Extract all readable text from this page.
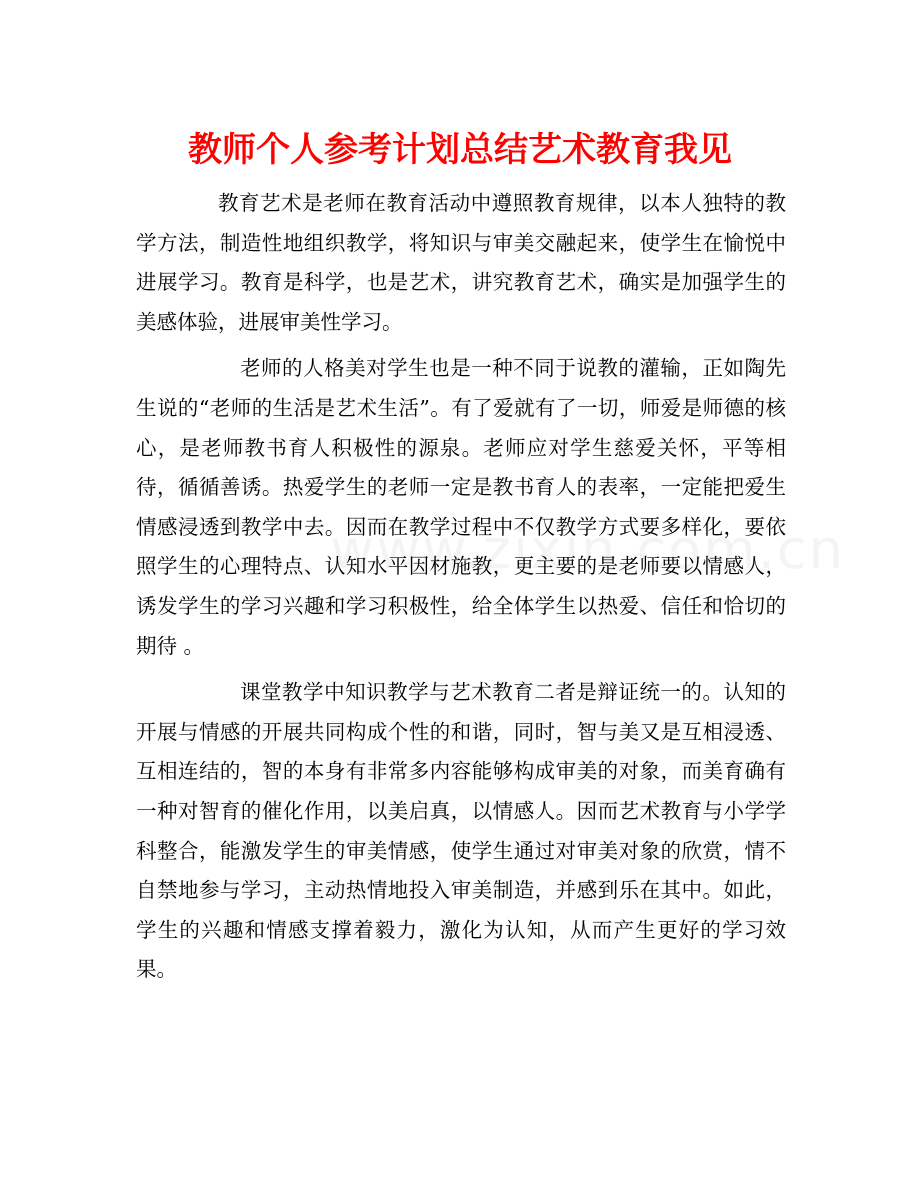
教师个人参考计划总结艺术教育我见

教育艺术是老师在教育活动中遵照教育规律，以本人独特的教学方法，制造性地组织教学，将知识与审美交融起来，使学生在愉悦中进展学习。教育是科学，也是艺术，讲究教育艺术，确实是加强学生的美感体验，进展审美性学习。

老师的人格美对学生也是一种不同于说教的灌输，正如陶先生说的“老师的生活是艺术生活”。有了爱就有了一切，师爱是师德的核心，是老师教书育人积极性的源泉。老师应对学生慈爱关怀，平等相待，循循善诱。热爱学生的老师一定是教书育人的表率，一定能把爱生情感浸透到教学中去。因而在教学过程中不仅教学方式要多样化，要依照学生的心理特点、认知水平因材施教，更主要的是老师要以情感人，诱发学生的学习兴趣和学习积极性，给全体学生以热爱、信任和恰切的期待 。

课堂教学中知识教学与艺术教育二者是辩证统一的。认知的开展与情感的开展共同构成个性的和谐，同时，智与美又是互相浸透、互相连结的，智的本身有非常多内容能够构成审美的对象，而美育确有一种对智育的催化作用，以美启真，以情感人。因而艺术教育与小学学科整合，能激发学生的审美情感，使学生通过对审美对象的欣赏，情不自禁地参与学习，主动热情地投入审美制造，并感到乐在其中。如此，学生的兴趣和情感支撑着毅力，激化为认知，从而产生更好的学习效果。
